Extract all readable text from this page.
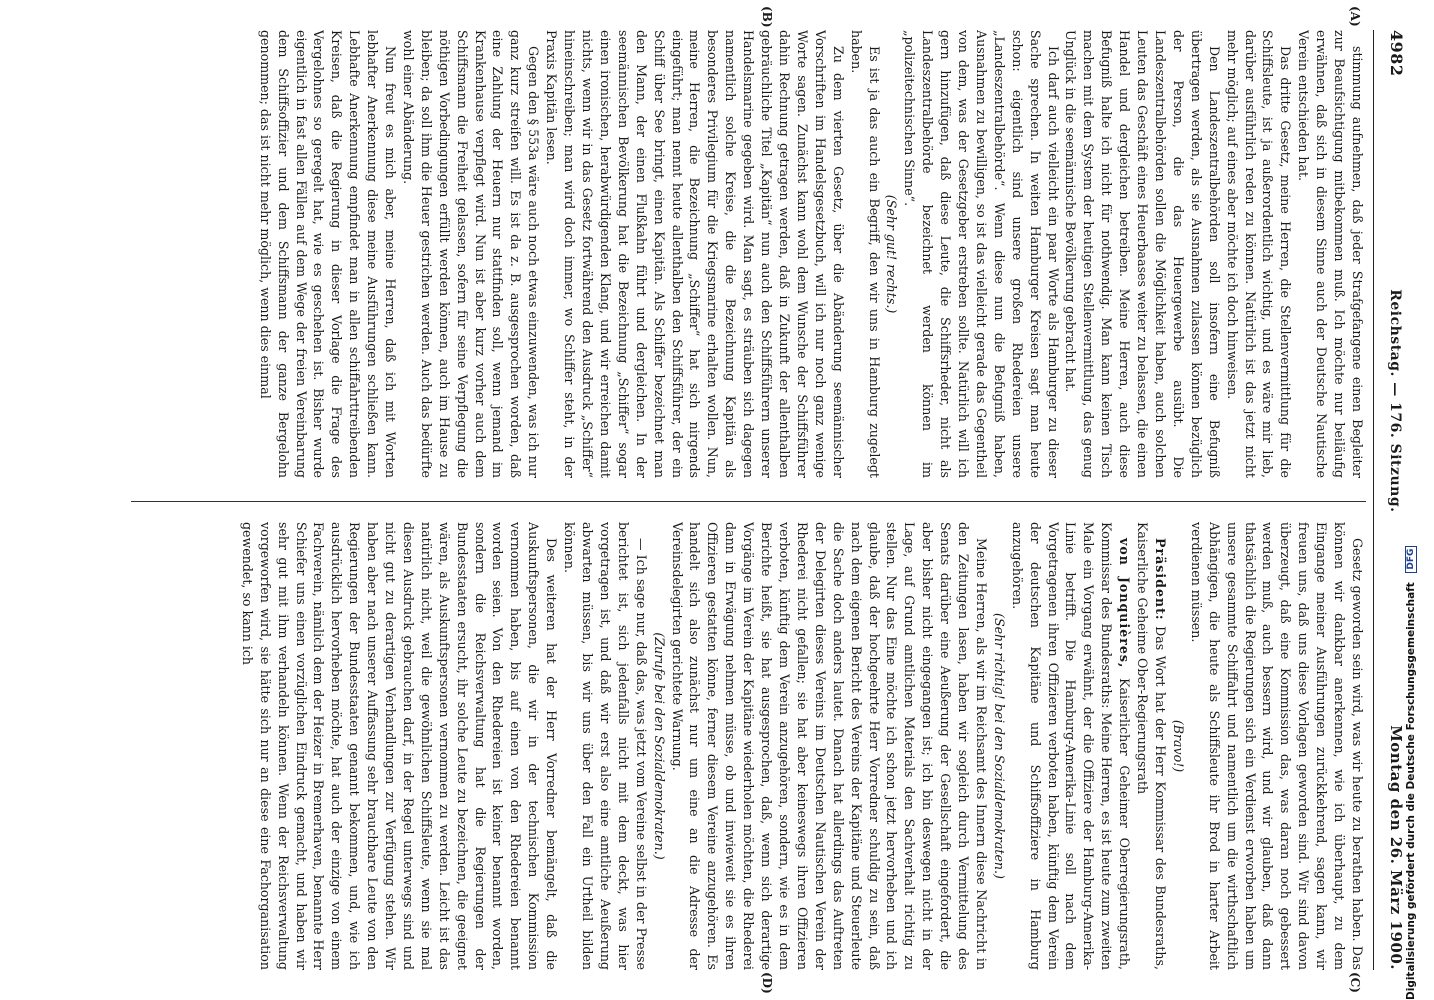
4982
Reichstag. — 176. Sitzung.
Montag den 26. März 1900.
(A)
(B)
(C)
(D)

stimmung aufnehmen, daß jeder Strafgefangene einen Begleiter zur Beaufsichtigung mitbekommen muß. Ich möchte nur beiläufig erwähnen, daß sich in diesem Sinne auch der Deutsche Nautische Verein entschieden hat.

Das dritte Gesetz, meine Herren, die Stellenvermittlung für die Schiffsleute, ist ja außerordentlich wichtig, und es wäre mir lieb, darüber ausführlich reden zu können. Natürlich ist das jetzt nicht mehr möglich; auf eines aber möchte ich doch hinweisen.

Den Landeszentralbehörden soll insofern eine Befugniß übertragen werden, als sie Ausnahmen zulassen können bezüglich der Person, die das Heuergewerbe ausübt. Die Landeszentralbehörden sollen die Möglichkeit haben, auch solchen Leuten das Geschäft eines Heuerbaases weiter zu belassen, die einen Handel und dergleichen betreiben. Meine Herren, auch diese Befugniß halte ich nicht für nothwendig. Man kann keinen Tisch machen mit dem System der heutigen Stellenvermittlung, das genug Unglück in die seemännische Bevölkerung gebracht hat.

Ich darf auch vielleicht ein paar Worte als Hamburger zu dieser Sache sprechen. In weiten Hamburger Kreisen sagt man heute schon: eigentlich sind unsere großen Rhedereien unsere „Landeszentralbehörde“. Wenn diese nun die Befugniß haben, Ausnahmen zu bewilligen, so ist das vielleicht gerade das Gegentheil von dem, was der Gesetzgeber erstreben sollte. Natürlich will ich gern hinzufügen, daß diese Leute, die Schiffsrheder, nicht als Landeszentralbehörde bezeichnet werden können im „polizeitechnischen Sinne“.

(Sehr gut! rechts.)

Es ist ja das auch ein Begriff, den wir uns in Hamburg zugelegt haben.

Zu dem vierten Gesetz, über die Abänderung seemännischer Vorschriften im Handelsgesetzbuch, will ich nur noch ganz wenige Worte sagen. Zunächst kann wohl dem Wunsche der Schiffsführer dahin Rechnung getragen werden, daß in Zukunft der allenthalben gebräuchliche Titel „Kapitän“ nun auch den Schiffsführern unserer Handelsmarine gegeben wird. Man sagt, es sträuben sich dagegen namentlich solche Kreise, die die Bezeichnung Kapitän als besonderes Privilegium für die Kriegsmarine erhalten wollen. Nun, meine Herren, die Bezeichnung „Schiffer“ hat sich nirgends eingeführt; man nennt heute allenthalben den Schiffsführer, der ein Schiff über See bringt, einen Kapitän. Als Schiffer bezeichnet man den Mann, der einen Flußkahn führt und dergleichen. In der seemännischen Bevölkerung hat die Bezeichnung „Schiffer“ sogar einen ironischen, herabwürdigenden Klang, und wir erreichen damit nichts, wenn wir in das Gesetz fortwährend den Ausdruck „Schiffer“ hineinschreiben; man wird doch immer, wo Schiffer steht, in der Praxis Kapitän lesen.

Gegen den § 553a wäre auch noch etwas einzuwenden, was ich nur ganz kurz streifen will. Es ist da z. B. ausgesprochen worden, daß eine Zahlung der Heuern nur stattfinden soll, wenn jemand im Krankenhause verpflegt wird. Nun ist aber kurz vorher auch dem Schiffsmann die Freiheit gelassen, sofern für seine Verpflegung die nöthigen Vorbedingungen erfüllt werden können, auch im Hause zu bleiben; da soll ihm die Heuer gestrichen werden. Auch das bedürfte wohl einer Abänderung.

Nun freut es mich aber, meine Herren, daß ich mit Worten lebhafter Anerkennung diese meine Ausführungen schließen kann. Lebhafte Anerkennung empfindet man in allen schiffahrttreibenden Kreisen, daß die Regierung in dieser Vorlage die Frage des Vergelohnes so geregelt hat, wie es geschehen ist. Bisher wurde eigentlich in fast allen Fällen auf dem Wege der freien Vereinbarung dem Schiffsoffizier und dem Schiffsmann der ganze Bergelohn genommen; das ist nicht mehr möglich, wenn dies einmal

Gesetz geworden sein wird, was wir heute zu berathen haben. Das können wir dankbar anerkennen, wie ich überhaupt, zu dem Eingange meiner Ausführungen zurückkehrend, sagen kann, wir freuen uns, daß uns diese Vorlagen geworden sind. Wir sind davon überzeugt, daß eine Kommission das, was daran noch gebessert werden muß, auch bessern wird, und wir glauben, daß dann thatsächlich die Regierungen sich ein Verdienst erworben haben um unsere gesammte Schiffahrt und namentlich um die wirthschaftlich Abhängigen, die heute als Schiffsleute ihr Brod in harter Arbeit verdienen müssen.

(Bravo!)

Präsident: Das Wort hat der Herr Kommissar des Bundesraths, Kaiserliche Geheime Ober-Regierungsrath

von Jonquières, Kaiserlicher Geheimer Oberregierungsrath, Kommissar des Bundesraths: Meine Herren, es ist heute zum zweiten Male ein Vorgang erwähnt, der die Offiziere der Hamburg-Amerika-Linie betrifft. Die Hamburg-Amerika-Linie soll nach dem Vorgetragenen ihren Offizieren verboten haben, künftig dem Verein der deutschen Kapitäne und Schiffsoffiziere in Hamburg anzugehören.

(Sehr richtig! bei den Sozialdemokraten.)

Meine Herren, als wir im Reichsamt des Innern diese Nachricht in den Zeitungen lasen, haben wir sogleich durch Vermittelung des Senats darüber eine Aeußerung der Gesellschaft eingefordert, die aber bisher nicht eingegangen ist; ich bin deswegen nicht in der Lage, auf Grund amtlichen Materials den Sachverhalt richtig zu stellen. Nur das Eine möchte ich schon jetzt hervorheben und ich glaube, daß der hochgeehrte Herr Vorredner schuldig zu sein, daß nach dem eigenen Bericht des Vereins der Kapitäne und Steuerleute die Sache doch anders lautet. Danach hat allerdings das Auftreten der Delegirten dieses Vereins im Deutschen Nautischen Verein der Rhederei nicht gefallen; sie hat aber keineswegs ihren Offizieren verboten, künftig dem Verein anzugehören, sondern, wie es in dem Berichte heißt, sie hat ausgesprochen, daß, wenn sich derartige Vorgänge im Verein der Kapitäne wiederholen möchten, die Rhederei dann in Erwägung nehmen müsse, ob und inwieweit sie es ihren Offizieren gestatten könne, ferner diesem Vereine anzugehören. Es handelt sich also zunächst nur um eine an die Adresse der Vereinsdelegirten gerichtete Warnung.

(Zurufe bei den Sozialdemokraten.)

— Ich sage nur, daß das, was jetzt vom Vereine selbst in der Presse berichtet ist, sich jedenfalls nicht mit dem deckt, was hier vorgetragen ist, und daß wir erst also eine amtliche Aeußerung abwarten müssen, bis wir uns über den Fall ein Urtheil bilden können.

Des weiteren hat der Herr Vorredner bemängelt, daß die Auskunftspersonen, die wir in der technischen Kommission vernommen haben, bis auf einen von den Rhedereien benannt worden seien. Von den Rhedereien ist keiner benannt worden, sondern die Reichsverwaltung hat die Regierungen der Bundesstaaten ersucht, ihr solche Leute zu bezeichnen, die geeignet wären, als Auskunftspersonen vernommen zu werden. Leicht ist das natürlich nicht, weil die gewöhnlichen Schiffsleute, wenn sie mal diesen Ausdruck gebrauchen darf, in der Regel unterwegs sind und nicht gut zu derartigen Verhandlungen zur Verfügung stehen. Wir haben aber nach unserer Auffassung sehr brauchbare Leute von den Regierungen der Bundesstaaten genannt bekommen, und, wie ich ausdrücklich hervorheben möchte, hat auch der einzige von einem Fachverein, nämlich dem der Heizer in Bremerhaven, benannte Herr Schiefer uns einen vorzüglichen Eindruck gemacht, und haben wir sehr gut mit ihm verhandeln können. Wenn der Reichsverwaltung vorgeworfen wird, sie hätte sich nur an diese eine Fachorganisation gewendet, so kann ich	Digitalisierung gefördert durch die Deutsche Forschungsgemeinschaft DFG
